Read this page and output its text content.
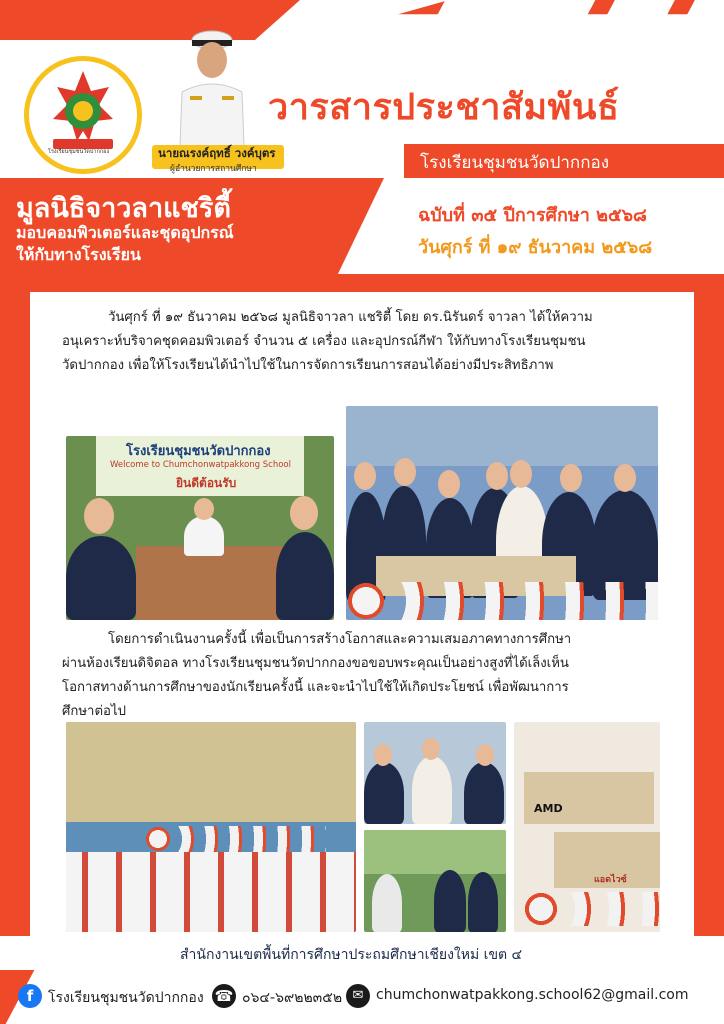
โรงเรียนชุมชนวัดปากกอง	นายณรงค์ฤทธิ์ วงค์บุตร
ผู้อำนวยการสถานศึกษา
วารสารประชาสัมพันธ์
โรงเรียนชุมชนวัดปากกอง
มูลนิธิจาวลาแชริตี้
มอบคอมพิวเตอร์และชุดอุปกรณ์
ให้กับทางโรงเรียน
ฉบับที่ ๓๕ ปีการศึกษา ๒๕๖๘
วันศุกร์ ที่ ๑๙ ธันวาคม ๒๕๖๘
วันศุกร์ ที่ ๑๙ ธันวาคม ๒๕๖๘ มูลนิธิจาวลา แชริตี้ โดย ดร.นิรันดร์ จาวลา ได้ให้ความ
อนุเคราะห์บริจาคชุดคอมพิวเตอร์ จำนวน ๕ เครื่อง และอุปกรณ์กีฬา ให้กับทางโรงเรียนชุมชน
วัดปากกอง เพื่อให้โรงเรียนได้นำไปใช้ในการจัดการเรียนการสอนได้อย่างมีประสิทธิภาพ
โรงเรียนชุมชนวัดปากกอง
Welcome to Chumchonwatpakkong School
ยินดีต้อนรับ
โดยการดำเนินงานครั้งนี้ เพื่อเป็นการสร้างโอกาสและความเสมอภาคทางการศึกษา
ผ่านห้องเรียนดิจิตอล ทางโรงเรียนชุมชนวัดปากกองขอขอบพระคุณเป็นอย่างสูงที่ได้เล็งเห็น
โอกาสทางด้านการศึกษาของนักเรียนครั้งนี้ และจะนำไปใช้ให้เกิดประโยชน์ เพื่อพัฒนาการ
ศึกษาต่อไป
AMD
แอดไวซ์
สำนักงานเขตพื้นที่การศึกษาประถมศึกษาเชียงใหม่ เขต ๔
f	โรงเรียนชุมชนวัดปากกอง ☎ ๐๖๔-๖๙๒๒๓๕๒ ✉ chumchonwatpakkong.school62@gmail.com
